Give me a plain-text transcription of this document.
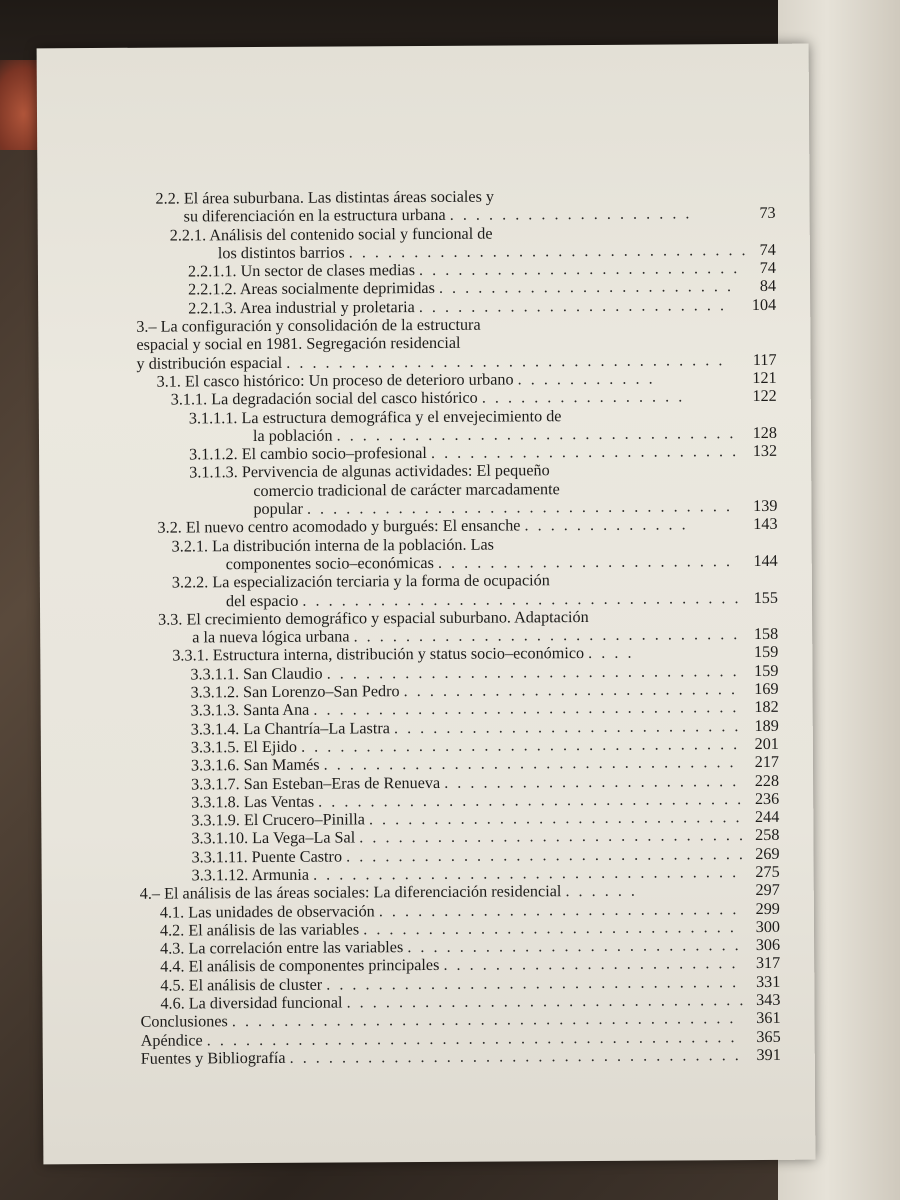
2.2. El área suburbana. Las distintas áreas sociales y
su diferenciación en la estructura urbana . . . . . . . . . . . . . . . . . . .	73
2.2.1. Análisis del contenido social y funcional de
los distintos barrios . . . . . . . . . . . . . . . . . . . . . . . . . . . . . . . 74
2.2.1.1. Un sector de clases medias . . . . . . . . . . . . . . . . . . . . . . . . . 74
2.2.1.2. Areas socialmente deprimidas . . . . . . . . . . . . . . . . . . . . . . . 84
2.2.1.3. Area industrial y proletaria . . . . . . . . . . . . . . . . . . . . . . . . 104
3.– La configuración y consolidación de la estructura
espacial y social en 1981. Segregación residencial
y distribución espacial . . . . . . . . . . . . . . . . . . . . . . . . . . . . . . . . . .	117
3.1. El casco histórico: Un proceso de deterioro urbano . . . . . . . . . . .	121
3.1.1. La degradación social del casco histórico . . . . . . . . . . . . . . . .	122
3.1.1.1. La estructura demográfica y el envejecimiento de
la población . . . . . . . . . . . . . . . . . . . . . . . . . . . . . . .	128
3.1.1.2. El cambio socio–profesional . . . . . . . . . . . . . . . . . . . . . . . . 132
3.1.1.3. Pervivencia de algunas actividades: El pequeño
comercio tradicional de carácter marcadamente
popular . . . . . . . . . . . . . . . . . . . . . . . . . . . . . . . . .	139
3.2. El nuevo centro acomodado y burgués: El ensanche . . . . . . . . . . . . .	143
3.2.1. La distribución interna de la población. Las
componentes socio–económicas . . . . . . . . . . . . . . . . . . . . . . .	144
3.2.2. La especialización terciaria y la forma de ocupación
del espacio . . . . . . . . . . . . . . . . . . . . . . . . . . . . . . . . . . 155
3.3. El crecimiento demográfico y espacial suburbano. Adaptación
a la nueva lógica urbana . . . . . . . . . . . . . . . . . . . . . . . . . . . . . . 158
3.3.1. Estructura interna, distribución y status socio–económico . . . .	159
3.3.1.1. San Claudio . . . . . . . . . . . . . . . . . . . . . . . . . . . . . . . . 159
3.3.1.2. San Lorenzo–San Pedro . . . . . . . . . . . . . . . . . . . . . . . . . . 169
3.3.1.3. Santa Ana . . . . . . . . . . . . . . . . . . . . . . . . . . . . . . . . . 182
3.3.1.4. La Chantría–La Lastra . . . . . . . . . . . . . . . . . . . . . . . . . . . 189
3.3.1.5. El Ejido . . . . . . . . . . . . . . . . . . . . . . . . . . . . . . . . . . 201
3.3.1.6. San Mamés . . . . . . . . . . . . . . . . . . . . . . . . . . . . . . . . 217
3.3.1.7. San Esteban–Eras de Renueva . . . . . . . . . . . . . . . . . . . . . . . 228
3.3.1.8. Las Ventas . . . . . . . . . . . . . . . . . . . . . . . . . . . . . . . . . 236
3.3.1.9. El Crucero–Pinilla . . . . . . . . . . . . . . . . . . . . . . . . . . . . . 244
3.3.1.10. La Vega–La Sal . . . . . . . . . . . . . . . . . . . . . . . . . . . . . . 258
3.3.1.11. Puente Castro . . . . . . . . . . . . . . . . . . . . . . . . . . . . . . . 269
3.3.1.12. Armunia . . . . . . . . . . . . . . . . . . . . . . . . . . . . . . . . . 275
4.– El análisis de las áreas sociales: La diferenciación residencial . . . . . .	297
4.1. Las unidades de observación . . . . . . . . . . . . . . . . . . . . . . . . . . . . 299
4.2. El análisis de las variables . . . . . . . . . . . . . . . . . . . . . . . . . . . . . 300
4.3. La correlación entre las variables . . . . . . . . . . . . . . . . . . . . . . . . . . 306
4.4. El análisis de componentes principales . . . . . . . . . . . . . . . . . . . . . . . 317
4.5. El análisis de cluster . . . . . . . . . . . . . . . . . . . . . . . . . . . . . . . . 331
4.6. La diversidad funcional . . . . . . . . . . . . . . . . . . . . . . . . . . . . . . . 343
Conclusiones . . . . . . . . . . . . . . . . . . . . . . . . . . . . . . . . . . . . . . . 361
Apéndice . . . . . . . . . . . . . . . . . . . . . . . . . . . . . . . . . . . . . . . . . 365
Fuentes y Bibliografía . . . . . . . . . . . . . . . . . . . . . . . . . . . . . . . . . . . 391
